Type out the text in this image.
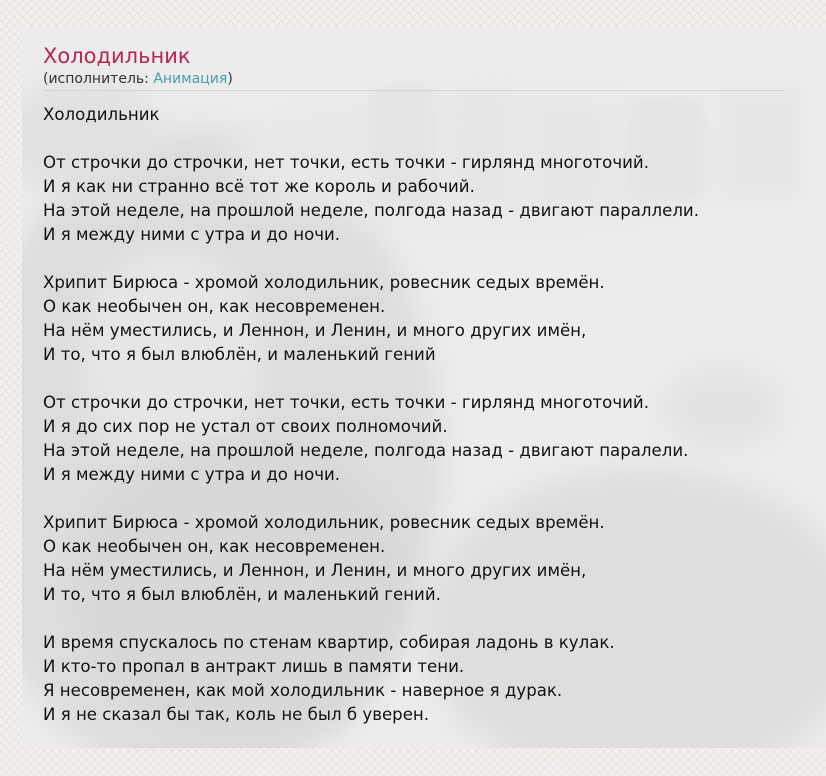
Холодильник
(исполнитель: Анимация)
Холодильник
От строчки до строчки, нет точки, есть точки - гирлянд многоточий.
И я как ни странно всё тот же король и рабочий.
На этой неделе, на прошлой неделе, полгода назад - двигают параллели.
И я между ними с утра и до ночи.
Хрипит Бирюса - хромой холодильник, ровесник седых времён.
О как необычен он, как несовременен.
На нём уместились, и Леннон, и Ленин, и много других имён,
И то, что я был влюблён, и маленький гений
От строчки до строчки, нет точки, есть точки - гирлянд многоточий.
И я до сих пор не устал от своих полномочий.
На этой неделе, на прошлой неделе, полгода назад - двигают паралели.
И я между ними с утра и до ночи.
Хрипит Бирюса - хромой холодильник, ровесник седых времён.
О как необычен он, как несовременен.
На нём уместились, и Леннон, и Ленин, и много других имён,
И то, что я был влюблён, и маленький гений.
И время спускалось по стенам квартир, собирая ладонь в кулак.
И кто-то пропал в антракт лишь в памяти тени.
Я несовременен, как мой холодильник - наверное я дурак.
И я не сказал бы так, коль не был б уверен.
